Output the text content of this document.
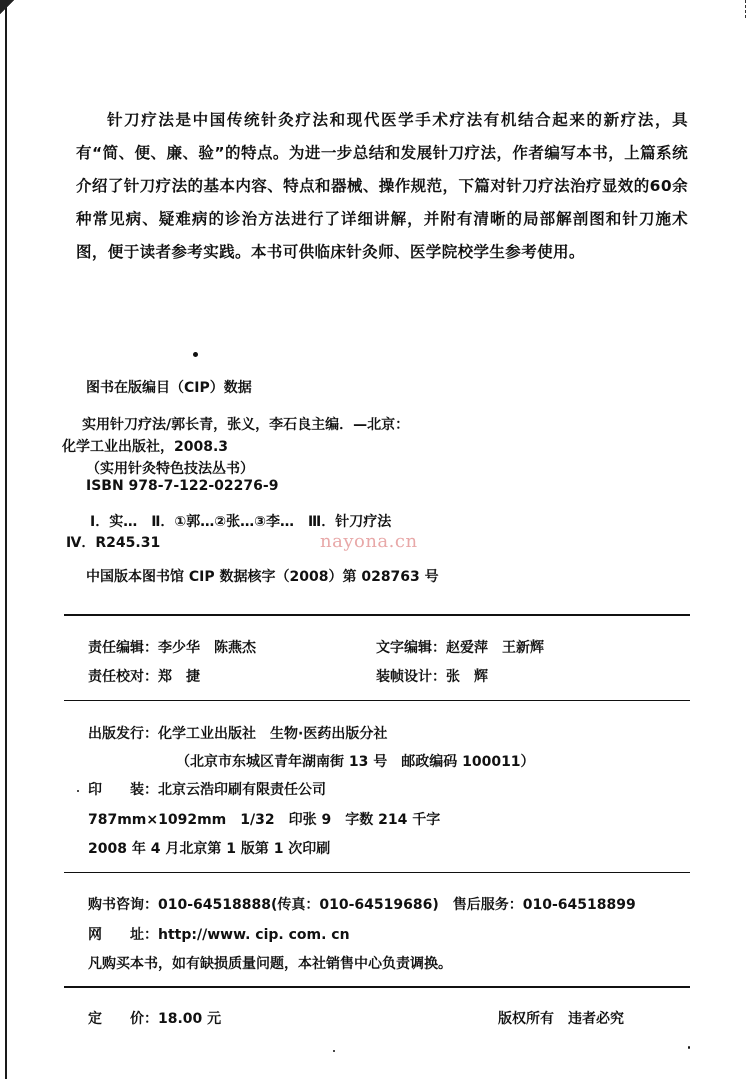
针刀疗法是中国传统针灸疗法和现代医学手术疗法有机结合起来的新疗法，具有“简、便、廉、验”的特点。为进一步总结和发展针刀疗法，作者编写本书，上篇系统介绍了针刀疗法的基本内容、特点和器械、操作规范，下篇对针刀疗法治疗显效的60余种常见病、疑难病的诊治方法进行了详细讲解，并附有清晰的局部解剖图和针刀施术图，便于读者参考实践。本书可供临床针灸师、医学院校学生参考使用。

图书在版编目（CIP）数据
实用针刀疗法/郭长青，张义，李石良主编．—北京：
化学工业出版社，2008.3
（实用针灸特色技法丛书）
ISBN 978-7-122-02276-9
Ⅰ．实…　Ⅱ．①郭…②张…③李…　Ⅲ．针刀疗法
Ⅳ．R245.31
中国版本图书馆 CIP 数据核字（2008）第 028763 号
nayona.cn
责任编辑：李少华　陈燕杰	文字编辑：赵爱萍　王新辉
责任校对：郑　捷	装帧设计：张　辉
出版发行：化学工业出版社　生物·医药出版分社
（北京市东城区青年湖南街 13 号　邮政编码 100011）
印　　装：北京云浩印刷有限责任公司
787mm×1092mm　1/32　印张 9　字数 214 千字
2008 年 4 月北京第 1 版第 1 次印刷
购书咨询：010-64518888(传真：010-64519686)　售后服务：010-64518899
网　　址：http://www. cip. com. cn
凡购买本书，如有缺损质量问题，本社销售中心负责调换。
定　　价：18.00 元	版权所有　违者必究
